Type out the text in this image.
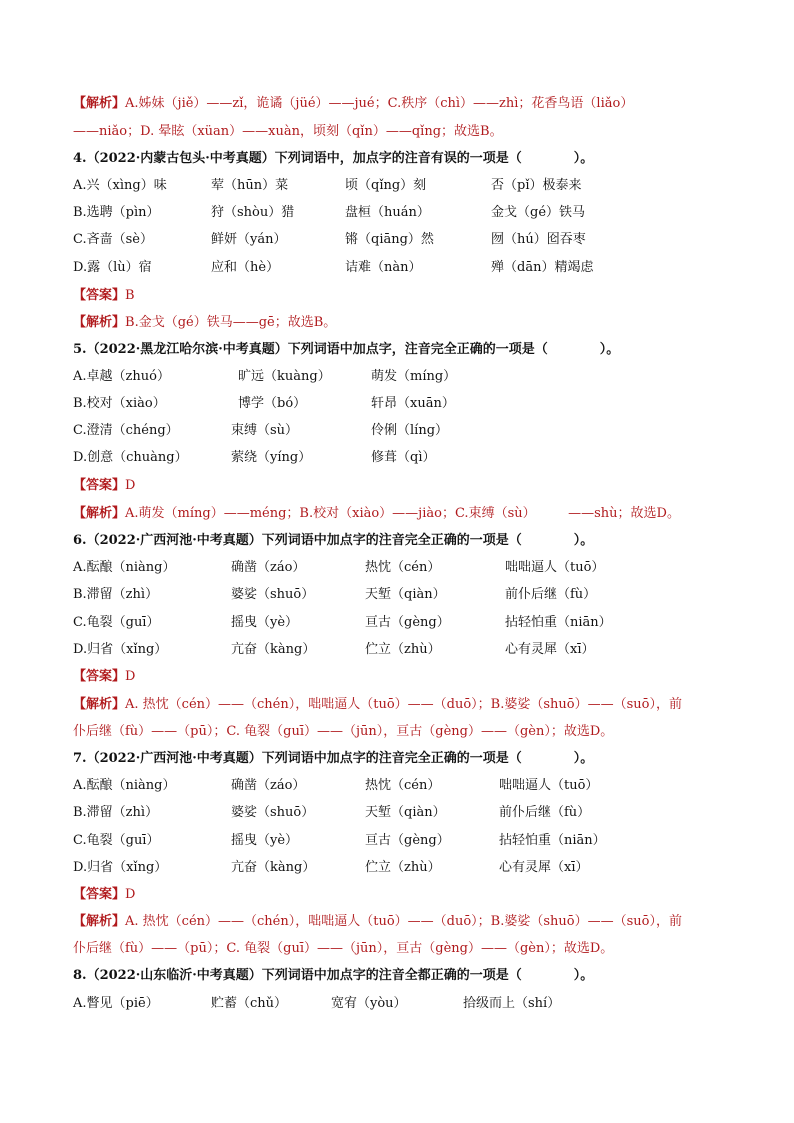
【解析】A.姊妹（jiě）——zǐ，诡谲（jüé）——jué；C.秩序（chì）——zhì；花香鸟语（liǎo）
——niǎo；D. 晕眩（xüan）——xuàn，顷刻（qǐn）——qǐng；故选B。
4.（2022·内蒙古包头·中考真题）下列词语中，加点字的注音有误的一项是（　　　　）。
A.兴（xìng）味	荤（hūn）菜	顷（qǐng）刻	否（pǐ）极泰来
B.选聘（pìn）	狩（shòu）猎	盘桓（huán）	金戈（gé）铁马
C.吝啬（sè）	鲜妍（yán）	锵（qiāng）然	囫（hú）囵吞枣
D.露（lù）宿	应和（hè）	诘难（nàn）	殚（dān）精竭虑
【答案】B
【解析】B.金戈（gé）铁马——gē；故选B。
5.（2022·黑龙江哈尔滨·中考真题）下列词语中加点字，注音完全正确的一项是（　　　　）。
A.卓越（zhuó）	旷远（kuàng）	萌发（míng）
B.校对（xiào）	博学（bó）	轩昂（xuān）
C.澄清（chéng）	束缚（sù）	伶俐（líng）
D.创意（chuàng）	萦绕（yíng）	修葺（qì）
【答案】D
【解析】A.萌发（míng）——méng；B.校对（xiào）——jiào；C.束缚（sù）　　　——shù；故选D。
6.（2022·广西河池·中考真题）下列词语中加点字的注音完全正确的一项是（　　　　）。
A.酝酿（niàng）	确凿（záo）	热忱（cén）	咄咄逼人（tuō）
B.滞留（zhì）	婆娑（shuō）	天堑（qiàn）	前仆后继（fù）
C.龟裂（guī）	摇曳（yè）	亘古（gèng）	拈轻怕重（niān）
D.归省（xǐng）	亢奋（kàng）	伫立（zhù）	心有灵犀（xī）
【答案】D
【解析】A. 热忱（cén）——（chén），咄咄逼人（tuō）——（duō）；B.婆娑（shuō）——（suō），前
仆后继（fù）——（pū）；C. 龟裂（guī）——（jūn），亘古（gèng）——（gèn）；故选D。
7.（2022·广西河池·中考真题）下列词语中加点字的注音完全正确的一项是（　　　　）。
A.酝酿（niàng）	确凿（záo）	热忱（cén）	咄咄逼人（tuō）
B.滞留（zhì）	婆娑（shuō）	天堑（qiàn）	前仆后继（fù）
C.龟裂（guī）	摇曳（yè）	亘古（gèng）	拈轻怕重（niān）
D.归省（xǐng）	亢奋（kàng）	伫立（zhù）	心有灵犀（xī）
【答案】D
【解析】A. 热忱（cén）——（chén），咄咄逼人（tuō）——（duō）；B.婆娑（shuō）——（suō），前
仆后继（fù）——（pū）；C. 龟裂（guī）——（jūn），亘古（gèng）——（gèn）；故选D。
8.（2022·山东临沂·中考真题）下列词语中加点字的注音全都正确的一项是（　　　　）。
A.瞥见（piē）	贮蓄（chǔ）	宽宥（yòu）	拾级而上（shí）
